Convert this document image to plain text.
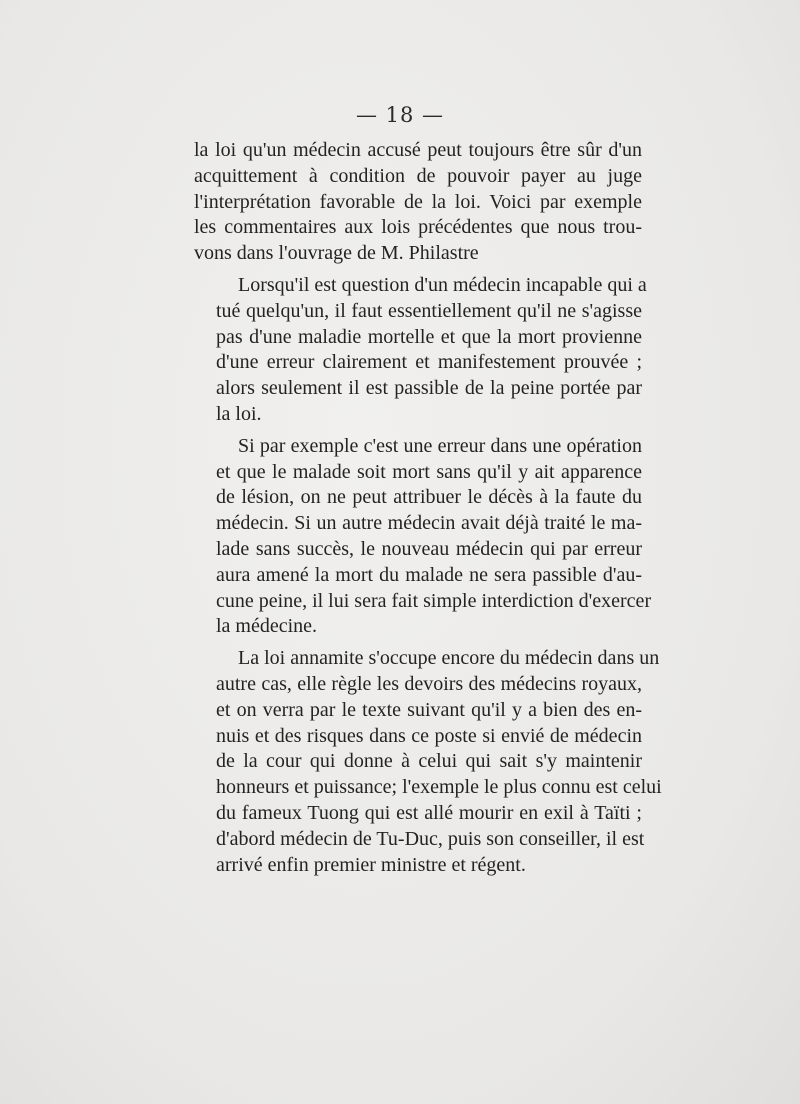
— 18 —

la loi qu'un médecin accusé peut toujours être sûr d'un
acquittement à condition de pouvoir payer au juge
l'interprétation favorable de la loi. Voici par exemple
les commentaires aux lois précédentes que nous trou-
vons dans l'ouvrage de M. Philastre

Lorsqu'il est question d'un médecin incapable qui a
tué quelqu'un, il faut essentiellement qu'il ne s'agisse
pas d'une maladie mortelle et que la mort provienne
d'une erreur clairement et manifestement prouvée ;
alors seulement il est passible de la peine portée par
la loi.

Si par exemple c'est une erreur dans une opération
et que le malade soit mort sans qu'il y ait apparence
de lésion, on ne peut attribuer le décès à la faute du
médecin. Si un autre médecin avait déjà traité le ma-
lade sans succès, le nouveau médecin qui par erreur
aura amené la mort du malade ne sera passible d'au-
cune peine, il lui sera fait simple interdiction d'exercer
la médecine.

La loi annamite s'occupe encore du médecin dans un
autre cas, elle règle les devoirs des médecins royaux,
et on verra par le texte suivant qu'il y a bien des en-
nuis et des risques dans ce poste si envié de médecin
de la cour qui donne à celui qui sait s'y maintenir
honneurs et puissance; l'exemple le plus connu est celui
du fameux Tuong qui est allé mourir en exil à Taïti ;
d'abord médecin de Tu-Duc, puis son conseiller, il est
arrivé enfin premier ministre et régent.
